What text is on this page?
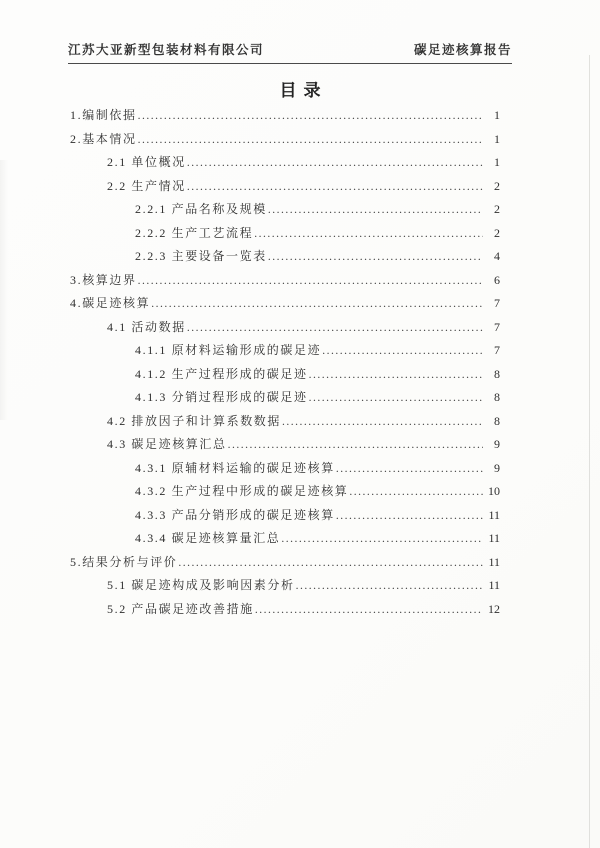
江苏大亚新型包装材料有限公司	碳足迹核算报告
目录
1.编制依据 .....	1
2.基本情况 .....	1
2.1 单位概况 .....	1
2.2 生产情况 .....	2
2.2.1 产品名称及规模 .....	2
2.2.2 生产工艺流程 .....	2
2.2.3 主要设备一览表 .....	4
3.核算边界 .....	6
4.碳足迹核算 .....	7
4.1 活动数据 .....	7
4.1.1 原材料运输形成的碳足迹 .....	7
4.1.2 生产过程形成的碳足迹 .....	8
4.1.3 分销过程形成的碳足迹 .....	8
4.2 排放因子和计算系数数据 .....	8
4.3 碳足迹核算汇总 .....	9
4.3.1 原辅材料运输的碳足迹核算 .....	9
4.3.2 生产过程中形成的碳足迹核算 .....	10
4.3.3 产品分销形成的碳足迹核算 .....	11
4.3.4 碳足迹核算量汇总 .....	11
5.结果分析与评价 .....	11
5.1 碳足迹构成及影响因素分析 .....	11
5.2 产品碳足迹改善措施 .....	12
